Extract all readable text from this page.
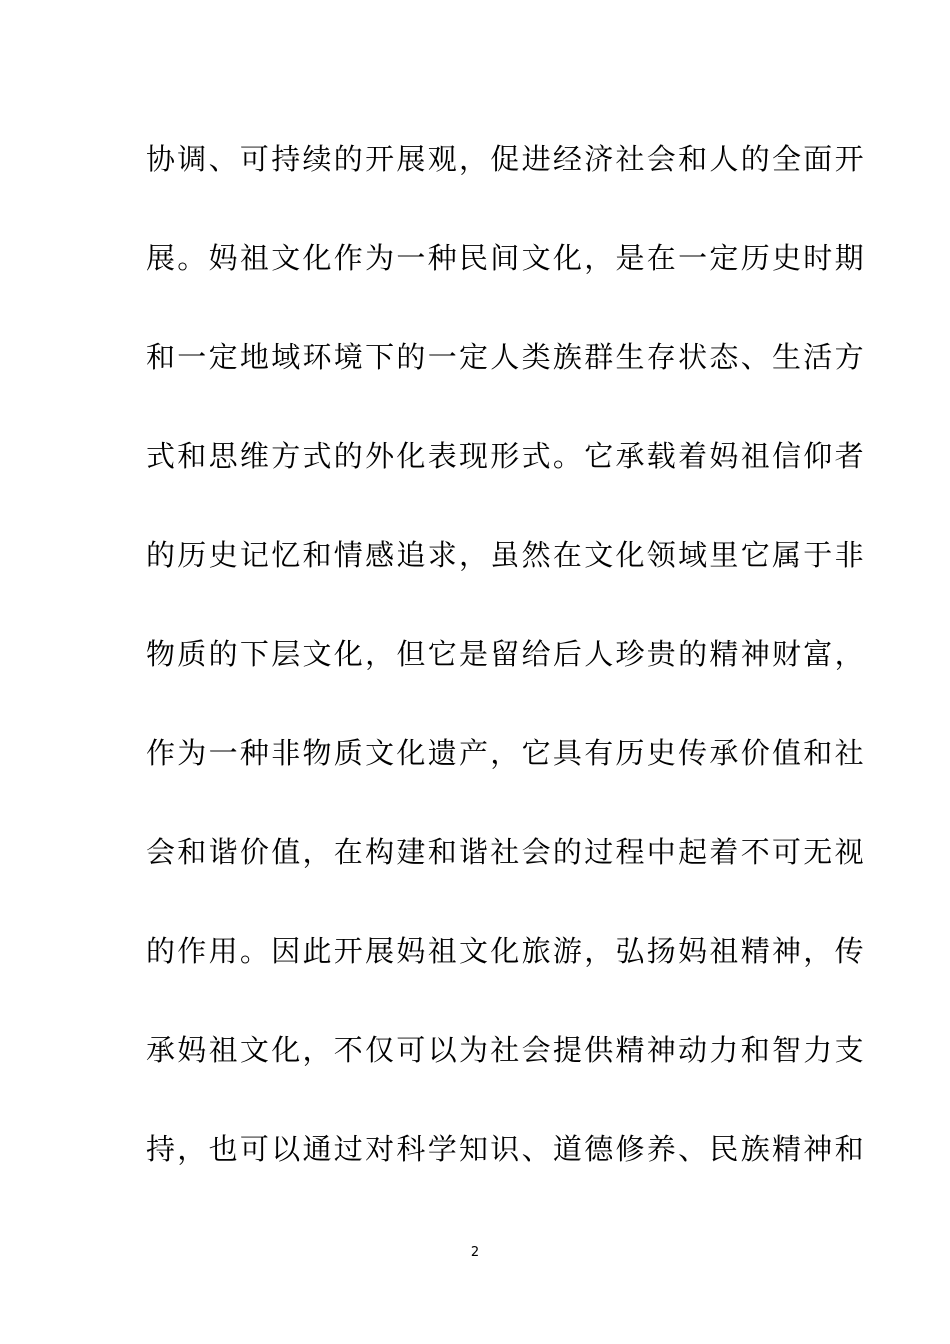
协调、可持续的开展观，促进经济社会和人的全面开
展。妈祖文化作为一种民间文化，是在一定历史时期
和一定地域环境下的一定人类族群生存状态、生活方
式和思维方式的外化表现形式。它承载着妈祖信仰者
的历史记忆和情感追求，虽然在文化领域里它属于非
物质的下层文化，但它是留给后人珍贵的精神财富，
作为一种非物质文化遗产，它具有历史传承价值和社
会和谐价值，在构建和谐社会的过程中起着不可无视
的作用。因此开展妈祖文化旅游，弘扬妈祖精神，传
承妈祖文化，不仅可以为社会提供精神动力和智力支
持，也可以通过对科学知识、道德修养、民族精神和
2
